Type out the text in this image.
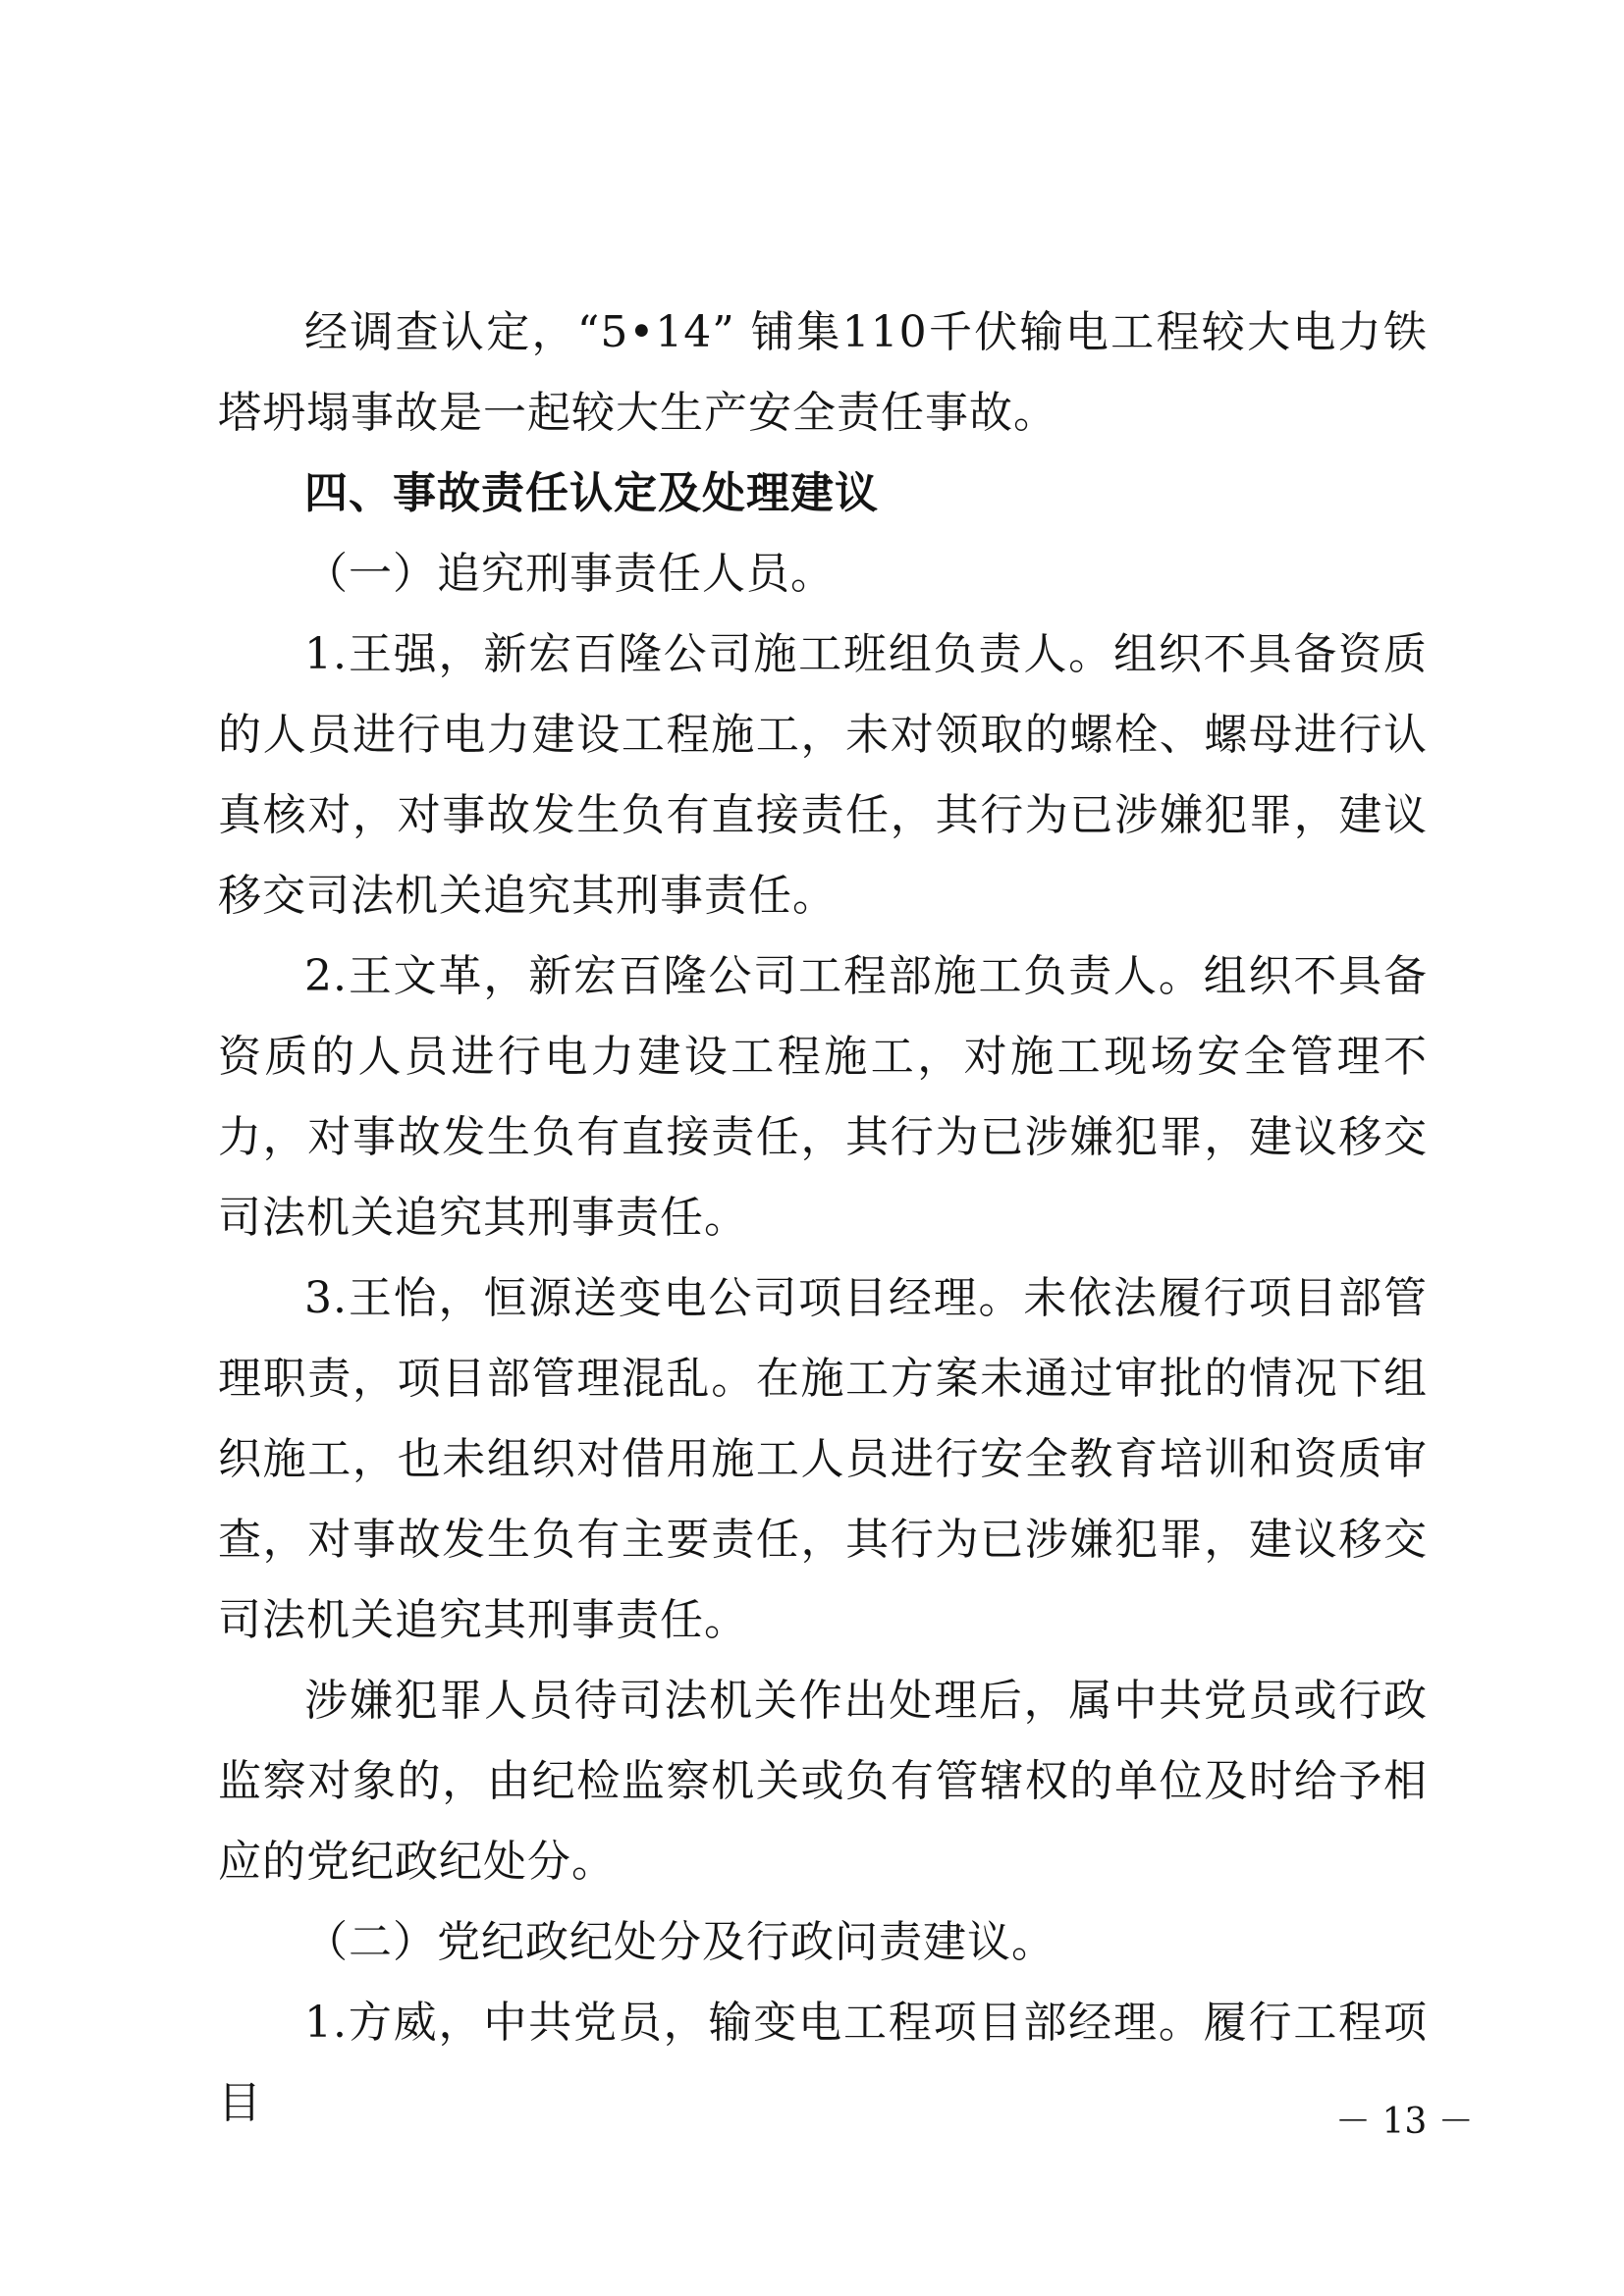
经调查认定，“5•14” 铺集110千伏输电工程较大电力铁塔坍塌事故是一起较大生产安全责任事故。

四、事故责任认定及处理建议

（一）追究刑事责任人员。

1.王强，新宏百隆公司施工班组负责人。组织不具备资质的人员进行电力建设工程施工，未对领取的螺栓、螺母进行认真核对，对事故发生负有直接责任，其行为已涉嫌犯罪，建议移交司法机关追究其刑事责任。

2.王文革，新宏百隆公司工程部施工负责人。组织不具备资质的人员进行电力建设工程施工，对施工现场安全管理不力，对事故发生负有直接责任，其行为已涉嫌犯罪，建议移交司法机关追究其刑事责任。

3.王怡，恒源送变电公司项目经理。未依法履行项目部管理职责，项目部管理混乱。在施工方案未通过审批的情况下组织施工，也未组织对借用施工人员进行安全教育培训和资质审查，对事故发生负有主要责任，其行为已涉嫌犯罪，建议移交司法机关追究其刑事责任。

涉嫌犯罪人员待司法机关作出处理后，属中共党员或行政监察对象的，由纪检监察机关或负有管辖权的单位及时给予相应的党纪政纪处分。

（二）党纪政纪处分及行政问责建议。

1.方威，中共党员，输变电工程项目部经理。履行工程项目	－ 13 －
